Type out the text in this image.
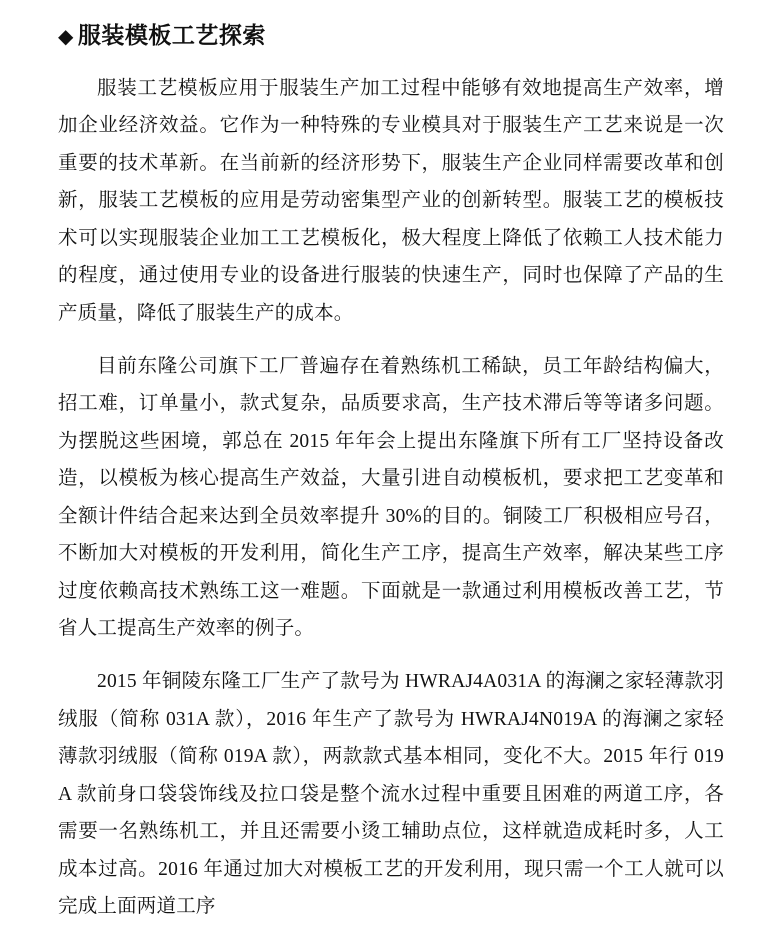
◆ 服装模板工艺探索

服装工艺模板应用于服装生产加工过程中能够有效地提高生产效率，增加企业经济效益。它作为一种特殊的专业模具对于服装生产工艺来说是一次重要的技术革新。在当前新的经济形势下，服装生产企业同样需要改革和创新，服装工艺模板的应用是劳动密集型产业的创新转型。服装工艺的模板技术可以实现服装企业加工工艺模板化，极大程度上降低了依赖工人技术能力的程度，通过使用专业的设备进行服装的快速生产，同时也保障了产品的生产质量，降低了服装生产的成本。

目前东隆公司旗下工厂普遍存在着熟练机工稀缺，员工年龄结构偏大，招工难，订单量小，款式复杂，品质要求高，生产技术滞后等等诸多问题。为摆脱这些困境，郭总在 2015 年年会上提出东隆旗下所有工厂坚持设备改造，以模板为核心提高生产效益，大量引进自动模板机，要求把工艺变革和全额计件结合起来达到全员效率提升 30%的目的。铜陵工厂积极相应号召，不断加大对模板的开发利用，简化生产工序，提高生产效率，解决某些工序过度依赖高技术熟练工这一难题。下面就是一款通过利用模板改善工艺，节省人工提高生产效率的例子。

2015 年铜陵东隆工厂生产了款号为 HWRAJ4A031A 的海澜之家轻薄款羽绒服（简称 031A 款），2016 年生产了款号为 HWRAJ4N019A 的海澜之家轻薄款羽绒服（简称 019A 款），两款款式基本相同，变化不大。2015 年行 019A 款前身口袋袋饰线及拉口袋是整个流水过程中重要且困难的两道工序，各需要一名熟练机工，并且还需要小烫工辅助点位，这样就造成耗时多，人工成本过高。2016 年通过加大对模板工艺的开发利用，现只需一个工人就可以完成上面两道工序
